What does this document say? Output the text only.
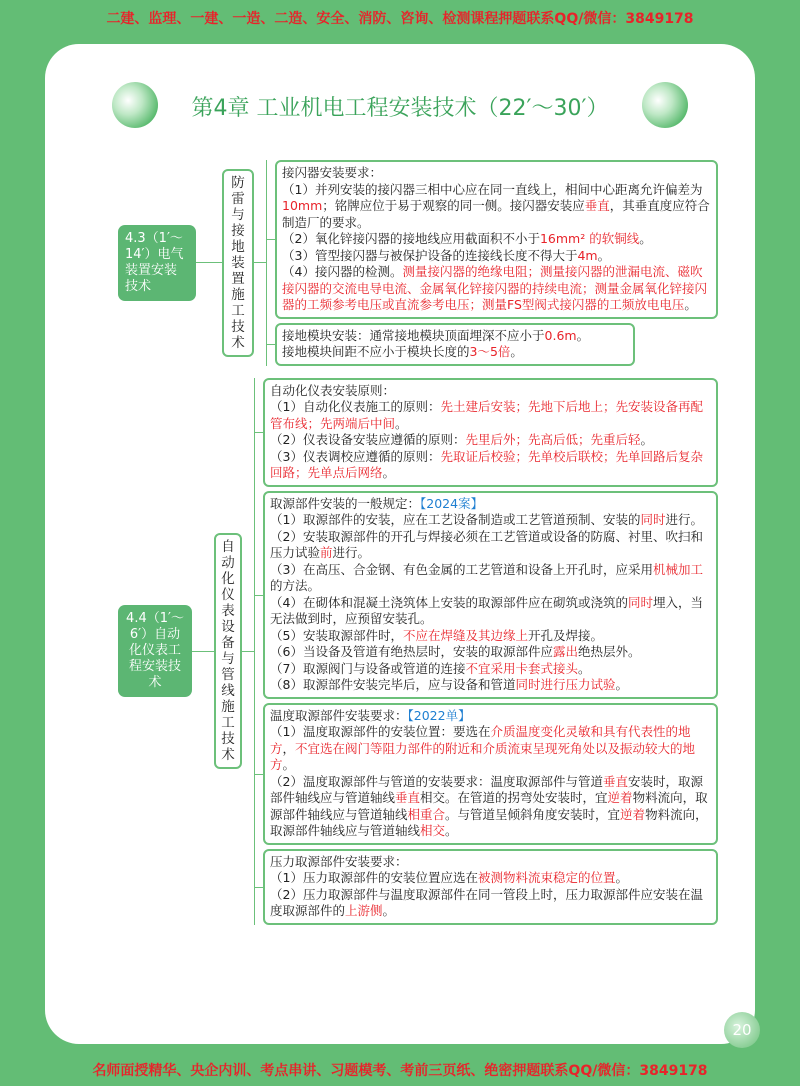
二建、监理、一建、一造、二造、安全、消防、咨询、检测课程押题联系QQ/微信：3849178
第4章 工业机电工程安装技术（22′～30′）
4.3（1′～14′）电气装置安装技术
防雷与接地装置施工技术

接闪器安装要求：

（1）并列安装的接闪器三相中心应在同一直线上，相间中心距离允许偏差为10mm；铭牌应位于易于观察的同一侧。接闪器安装应垂直，其垂直度应符合制造厂的要求。

（2）氧化锌接闪器的接地线应用截面积不小于16mm² 的软铜线。

（3）管型接闪器与被保护设备的连接线长度不得大于4m。

（4）接闪器的检测。测量接闪器的绝缘电阻；测量接闪器的泄漏电流、磁吹接闪器的交流电导电流、金属氧化锌接闪器的持续电流；测量金属氧化锌接闪器的工频参考电压或直流参考电压；测量FS型阀式接闪器的工频放电电压。

接地模块安装：通常接地模块顶面埋深不应小于0.6m。

接地模块间距不应小于模块长度的3～5倍。

4.4（1′～6′）自动化仪表工程安装技术
自动化仪表设备与管线施工技术

自动化仪表安装原则：

（1）自动化仪表施工的原则：先土建后安装；先地下后地上；先安装设备再配管布线；先两端后中间。

（2）仪表设备安装应遵循的原则：先里后外；先高后低；先重后轻。

（3）仪表调校应遵循的原则：先取证后校验；先单校后联校；先单回路后复杂回路；先单点后网络。

取源部件安装的一般规定：【2024案】

（1）取源部件的安装，应在工艺设备制造或工艺管道预制、安装的同时进行。

（2）安装取源部件的开孔与焊接必须在工艺管道或设备的防腐、衬里、吹扫和压力试验前进行。

（3）在高压、合金钢、有色金属的工艺管道和设备上开孔时，应采用机械加工的方法。

（4）在砌体和混凝土浇筑体上安装的取源部件应在砌筑或浇筑的同时埋入，当无法做到时，应预留安装孔。

（5）安装取源部件时，不应在焊缝及其边缘上开孔及焊接。

（6）当设备及管道有绝热层时，安装的取源部件应露出绝热层外。

（7）取源阀门与设备或管道的连接不宜采用卡套式接头。

（8）取源部件安装完毕后，应与设备和管道同时进行压力试验。

温度取源部件安装要求：【2022单】

（1）温度取源部件的安装位置：要选在介质温度变化灵敏和具有代表性的地方，不宜选在阀门等阻力部件的附近和介质流束呈现死角处以及振动较大的地方。

（2）温度取源部件与管道的安装要求：温度取源部件与管道垂直安装时，取源部件轴线应与管道轴线垂直相交。在管道的拐弯处安装时，宜逆着物料流向，取源部件轴线应与管道轴线相重合。与管道呈倾斜角度安装时，宜逆着物料流向，取源部件轴线应与管道轴线相交。

压力取源部件安装要求：

（1）压力取源部件的安装位置应选在被测物料流束稳定的位置。

（2）压力取源部件与温度取源部件在同一管段上时，压力取源部件应安装在温度取源部件的上游侧。

20
名师面授精华、央企内训、考点串讲、习题模考、考前三页纸、绝密押题联系QQ/微信：3849178
